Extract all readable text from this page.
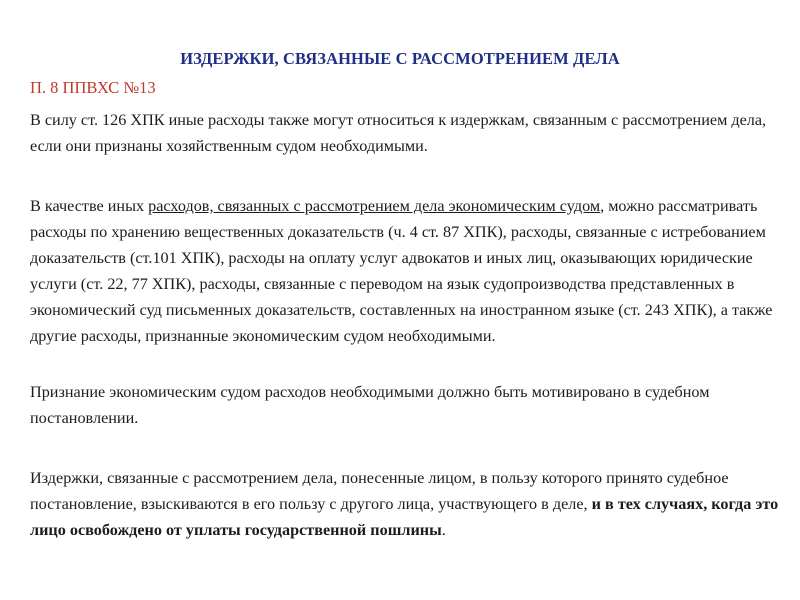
ИЗДЕРЖКИ, СВЯЗАННЫЕ С РАССМОТРЕНИЕМ ДЕЛА
П. 8 ППВХС №13
В силу ст. 126 ХПК иные расходы также могут относиться к издержкам, связанным с рассмотрением дела, если они признаны хозяйственным судом необходимыми.
В качестве иных расходов, связанных с рассмотрением дела экономическим судом, можно рассматривать расходы по хранению вещественных доказательств (ч. 4 ст. 87 ХПК), расходы, связанные с истребованием доказательств (ст.101 ХПК), расходы на оплату услуг адвокатов и иных лиц, оказывающих юридические услуги (ст. 22, 77 ХПК), расходы, связанные с переводом на язык судопроизводства представленных в экономический суд письменных доказательств, составленных на иностранном языке (ст. 243 ХПК), а также другие расходы, признанные экономическим судом необходимыми.
Признание экономическим судом расходов необходимыми должно быть мотивировано в судебном постановлении.
Издержки, связанные с рассмотрением дела, понесенные лицом, в пользу которого принято судебное постановление, взыскиваются в его пользу с другого лица, участвующего в деле, и в тех случаях, когда это лицо освобождено от уплаты государственной пошлины.
